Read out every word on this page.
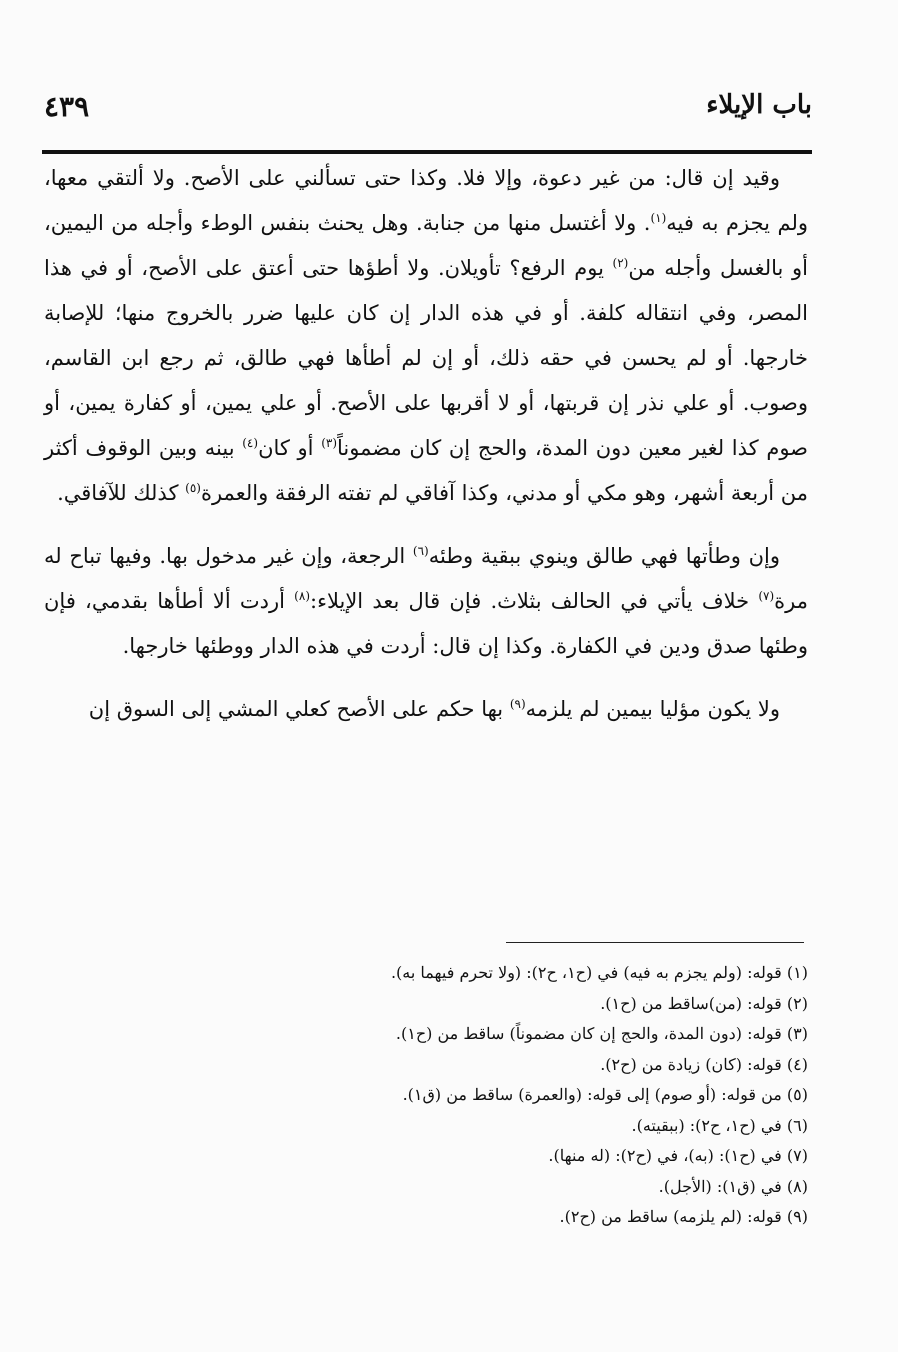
باب الإيلاء
٤٣٩

وقيد إن قال: من غير دعوة، وإلا فلا. وكذا حتى تسألني على الأصح. ولا ألتقي معها، ولم يجزم به فيه$^{(١)}$. ولا أغتسل منها من جنابة. وهل يحنث بنفس الوطء وأجله من اليمين، أو بالغسل وأجله من$^{(٢)}$ يوم الرفع؟ تأويلان. ولا أطؤها حتى أعتق على الأصح، أو في هذا المصر، وفي انتقاله كلفة. أو في هذه الدار إن كان عليها ضرر بالخروج منها؛ للإصابة خارجها. أو لم يحسن في حقه ذلك، أو إن لم أطأها فهي طالق، ثم رجع ابن القاسم، وصوب. أو علي نذر إن قربتها، أو لا أقربها على الأصح. أو علي يمين، أو كفارة يمين، أو صوم كذا لغير معين دون المدة، والحج إن كان مضموناً$^{(٣)}$ أو كان$^{(٤)}$ بينه وبين الوقوف أكثر من أربعة أشهر، وهو مكي أو مدني، وكذا آفاقي لم تفته الرفقة والعمرة$^{(٥)}$ كذلك للآفاقي.

وإن وطأتها فهي طالق وينوي ببقية وطئه$^{(٦)}$ الرجعة، وإن غير مدخول بها. وفيها تباح له مرة$^{(٧)}$ خلاف يأتي في الحالف بثلاث. فإن قال بعد الإيلاء:$^{(٨)}$ أردت ألا أطأها بقدمي، فإن وطئها صدق ودين في الكفارة. وكذا إن قال: أردت في هذه الدار ووطئها خارجها.

ولا يكون مؤليا بيمين لم يلزمه$^{(٩)}$ بها حكم على الأصح كعلي المشي إلى السوق إن

(١) قوله: (ولم يجزم به فيه) في (ح١، ح٢): (ولا تحرم فيهما به).
(٢) قوله: (من)ساقط من (ح١).
(٣) قوله: (دون المدة، والحج إن كان مضموناً) ساقط من (ح١).
(٤) قوله: (كان) زيادة من (ح٢).
(٥) من قوله: (أو صوم) إلى قوله: (والعمرة) ساقط من (ق١).
(٦) في (ح١، ح٢): (ببقيته).
(٧) في (ح١): (به)، في (ح٢): (له منها).
(٨) في (ق١): (الأجل).
(٩) قوله: (لم يلزمه) ساقط من (ح٢).
